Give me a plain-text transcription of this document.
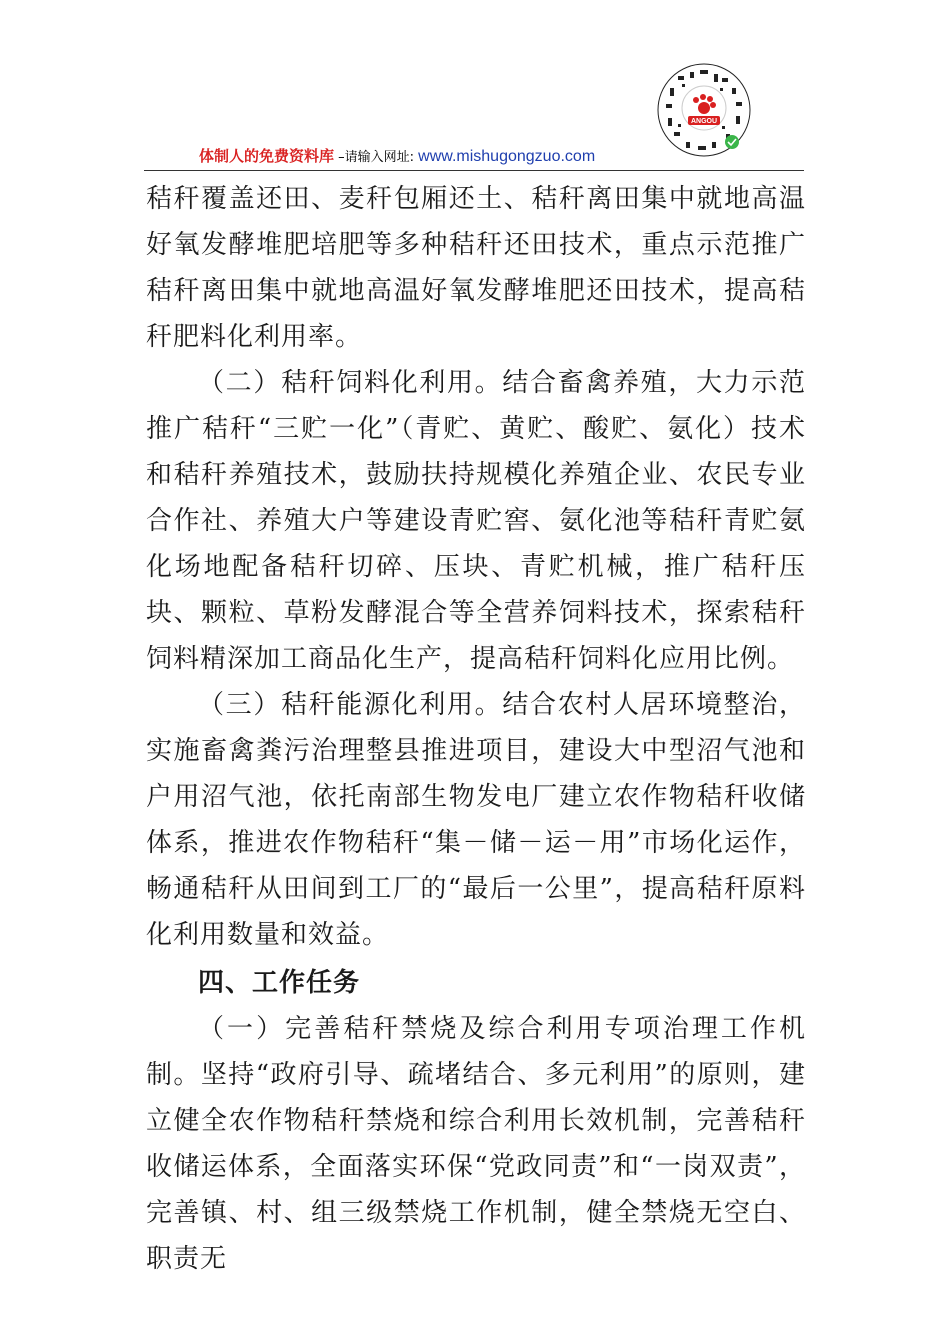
ANGOU
体制人的免费资料库 –请输入网址: www.mishugongzuo.com

秸秆覆盖还田、麦秆包厢还土、秸秆离田集中就地高温好氧发酵堆肥培肥等多种秸秆还田技术，重点示范推广秸秆离田集中就地高温好氧发酵堆肥还田技术，提高秸秆肥料化利用率。

（二）秸秆饲料化利用。结合畜禽养殖，大力示范推广秸秆“三贮一化”（青贮、黄贮、酸贮、氨化）技术和秸秆养殖技术，鼓励扶持规模化养殖企业、农民专业合作社、养殖大户等建设青贮窖、氨化池等秸秆青贮氨化场地配备秸秆切碎、压块、青贮机械，推广秸秆压块、颗粒、草粉发酵混合等全营养饲料技术，探索秸秆饲料精深加工商品化生产，提高秸秆饲料化应用比例。

（三）秸秆能源化利用。结合农村人居环境整治，实施畜禽粪污治理整县推进项目，建设大中型沼气池和户用沼气池，依托南部生物发电厂建立农作物秸秆收储体系，推进农作物秸秆“集－储－运－用”市场化运作，畅通秸秆从田间到工厂的“最后一公里”，提高秸秆原料化利用数量和效益。

四、工作任务

（一）完善秸秆禁烧及综合利用专项治理工作机制。坚持“政府引导、疏堵结合、多元利用”的原则，建立健全农作物秸秆禁烧和综合利用长效机制，完善秸秆收储运体系，全面落实环保“党政同责”和“一岗双责”，完善镇、村、组三级禁烧工作机制，健全禁烧无空白、职责无
